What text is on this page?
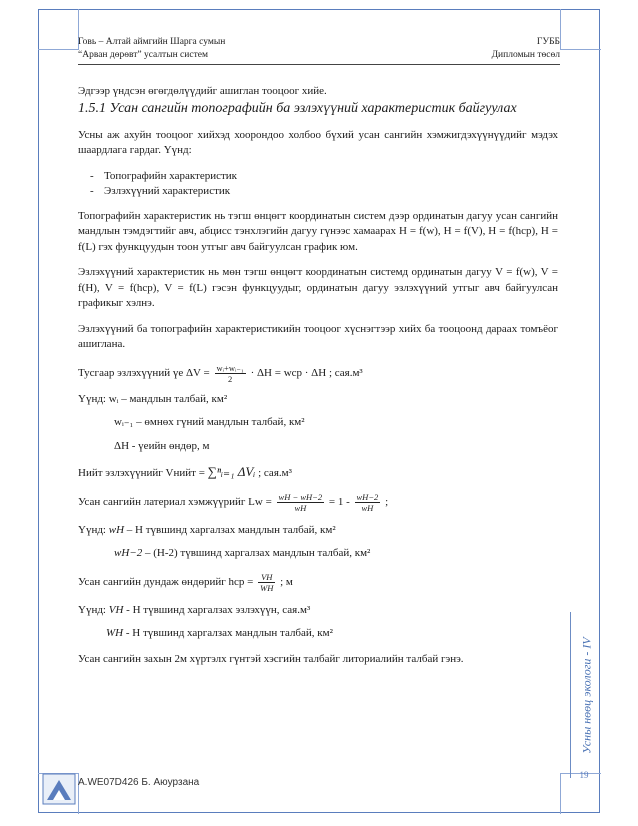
Говь – Алтай аймгийн Шарга сумын	ГУББ
“Арван дөрөвт” усалтын систем	Дипломын төсөл

Эдгээр үндсэн өгөгдөлүүдийг ашиглан тооцоог хийе.

1.5.1 Усан сангийн топографийн ба эзлэхүүний характеристик байгуулах

Усны аж ахуйн тооцоог хийхэд хоорондоо холбоо бүхий усан сангийн хэмжигдэхүүнүүдийг мэдэх шаардлага гардаг. Үүнд:

- Топографийн характеристик
- Эзлэхүүний характеристик

Топографийн характеристик нь тэгш өнцөгт координатын систем дээр ординатын дагуу усан сангийн мандлын тэмдэгтийг авч, абцисс тэнхлэгийн дагуу гүнээс хамаарах H = f(w), H = f(V), H = f(hcp), H = f(L) гэх функцуудын тоон утгыг авч байгуулсан график юм.

Эзлэхүүний характеристик нь мөн тэгш өнцөгт координатын системд ординатын дагуу V = f(w), V = f(H), V = f(hcp), V = f(L) гэсэн функцуудыг, ординатын дагуу эзлэхүүний утгыг авч байгуулсан графикыг хэлнэ.

Эзлэхүүний ба топографийн характеристикийн тооцоог хүснэгтээр хийх ба тооцоонд дараах томъёог ашиглана.

Тусгаар эзлэхүүний үе $\Delta V = \frac{\text{wᵢ+wᵢ₋₁}}{2} \cdot \Delta H$ = wср · ΔH ; сая.м³

Үүнд: wᵢ – мандлын талбай, км²

wᵢ₋₁ – өмнөх гүний мандлын талбай, км²

ΔH - үеийн өндөр, м

Нийт эзлэхүүнийг Vнийт = ∑ⁿᵢ₌₁ ΔVᵢ ; сая.м³

Усан сангийн латериал хэмжүүрийг $Lw = \frac{wH - wH-2}{wH} = 1 - \frac{wH-2}{wH}$ ;

Үүнд: wH – H түвшинд харгалзах мандлын талбай, км²

wH−2 – (H-2) түвшинд харгалзах мандлын талбай, км²

Усан сангийн дундаж өндөрийг hср = $\frac{VH}{WH}$ ; м

Үүнд: VH - H түвшинд харгалзах эзлэхүүн, сая.м³

WH - H түвшинд харгалзах мандлын талбай, км²

Усан сангийн захын 2м хүртэлх гүнтэй хэсгийн талбайг литориалийн талбай гэнэ.	Усны нөөц экологи - IV
19
A.WE07D426 Б. Аюурзана
